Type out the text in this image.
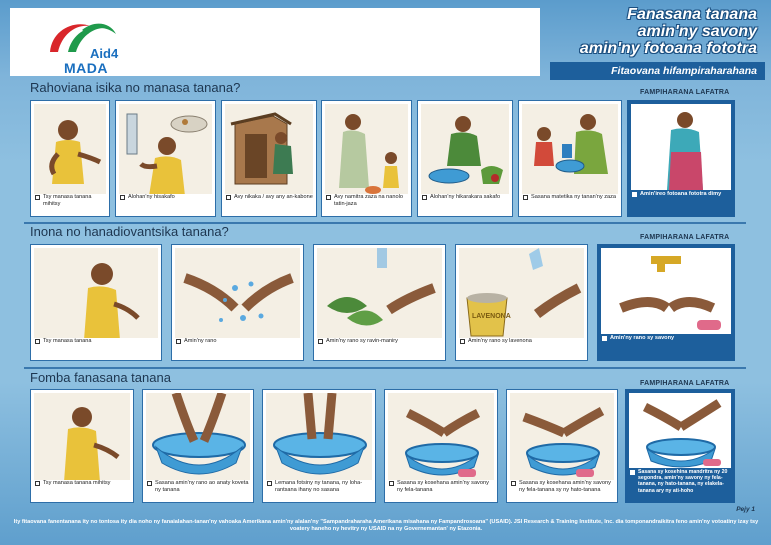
Aid4
MADA
Fanasana tanana
amin'ny savony
amin'ny fotoana fototra
Fitaovana hifampiraharahana
Rahoviana isika no manasa tanana?	FAMPIHARANA LAFATRA
Tsy manasa tanana mihitsy
Alohan'ny hisakafo	Avy nikaka / avy any an-kabone	Avy namitra zaza na nanolo tatin-jaza
Alohan'ny hikarakara sakafo	Sasana matetika ny tanan'ny zaza	Amin'ireo fotoana fototra dimy
Inona no hanadiovantsika tanana?	FAMPIHARANA LAFATRA
Tsy manasa tanana	Amin'ny rano	Amin'ny rano sy ravin-maniry
LAVENONA
Amin'ny rano sy lavenona	Amin'ny rano sy savony
Fomba fanasana tanana	FAMPIHARANA LAFATRA
Tsy manasa tanana mihitsy	Sasana amin'ny rano ao anaty koveta ny tanana
Lemana fotsiny ny tanana, ny loha-rantsana ihany no sasana
Sasana sy kosehana amin'ny savony ny fela-tanana
Sasana sy kosehana amin'ny savony ny fela-tanana sy ny hato-tanana
Sasana sy kosehina mandritra ny 20 segondra, amin'ny savony ny fela-tanana, ny hato-tanana, ny elakela-tanana ary ny ati-hoho
Pejy 1
Ity fitaovana fanentanana ity no tontosa ity dia noho ny fanaialahan-tanan'ny vahoaka Amerikana amin'ny alalan'ny "Sampandraharaha Amerikana misahana ny Fampandrosoana" (USAID). JSI Research & Training Institute, Inc. dia tomponandraikitra feno amin'ny votoatiny izay tsy voatery haneho ny hevitry ny USAID na ny Governemantan' ny Etazonia.
